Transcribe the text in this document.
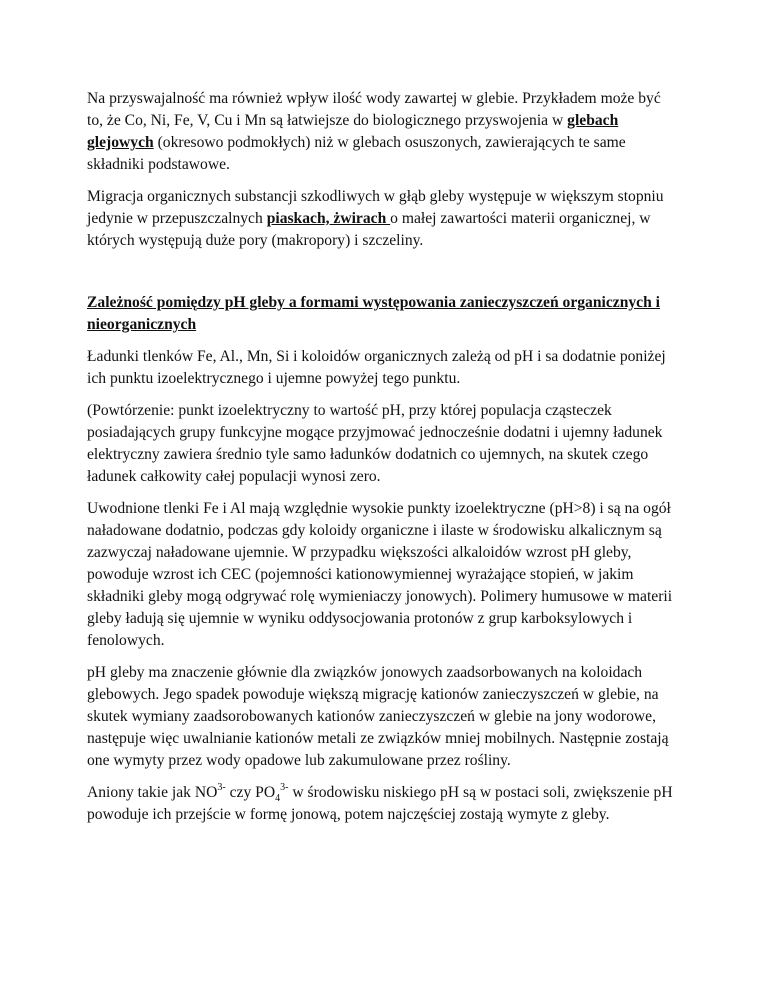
Na przyswajalność ma również wpływ ilość wody zawartej w glebie. Przykładem może być to, że Co, Ni, Fe, V, Cu i Mn są łatwiejsze do biologicznego przyswojenia w glebach glejowych (okresowo podmokłych) niż w glebach osuszonych, zawierających te same składniki podstawowe.

Migracja organicznych substancji szkodliwych w głąb gleby występuje w większym stopniu jedynie w przepuszczalnych piaskach, żwirach o małej zawartości materii organicznej, w których występują duże pory (makropory) i szczeliny.

Zależność pomiędzy pH gleby a formami występowania zanieczyszczeń organicznych i nieorganicznych

Ładunki tlenków Fe, Al., Mn, Si i koloidów organicznych zależą od pH i sa dodatnie poniżej ich punktu izoelektrycznego i ujemne powyżej tego punktu.

(Powtórzenie: punkt izoelektryczny to wartość pH, przy której populacja cząsteczek posiadających grupy funkcyjne mogące przyjmować jednocześnie dodatni i ujemny ładunek elektryczny zawiera średnio tyle samo ładunków dodatnich co ujemnych, na skutek czego ładunek całkowity całej populacji wynosi zero.

Uwodnione tlenki Fe i Al mają względnie wysokie punkty izoelektryczne (pH>8) i są na ogół naładowane dodatnio, podczas gdy koloidy organiczne i ilaste w środowisku alkalicznym są zazwyczaj naładowane ujemnie. W przypadku większości alkaloidów wzrost pH gleby, powoduje wzrost ich CEC (pojemności kationowymiennej wyrażające stopień, w jakim składniki gleby mogą odgrywać rolę wymieniaczy jonowych). Polimery humusowe w materii gleby ładują się ujemnie w wyniku oddysocjowania protonów z grup karboksylowych i fenolowych.

pH gleby ma znaczenie głównie dla związków jonowych zaadsorbowanych na koloidach glebowych. Jego spadek powoduje większą migrację kationów zanieczyszczeń w glebie, na skutek wymiany zaadsorobowanych kationów zanieczyszczeń w glebie na jony wodorowe, następuje więc uwalnianie kationów metali ze związków mniej mobilnych. Następnie zostają one wymyty przez wody opadowe lub zakumulowane przez rośliny.

Aniony takie jak $NO^{3-}$ czy $PO_4^{3-}$ w środowisku niskiego pH są w postaci soli, zwiększenie pH powoduje ich przejście w formę jonową, potem najczęściej zostają wymyte z gleby.
